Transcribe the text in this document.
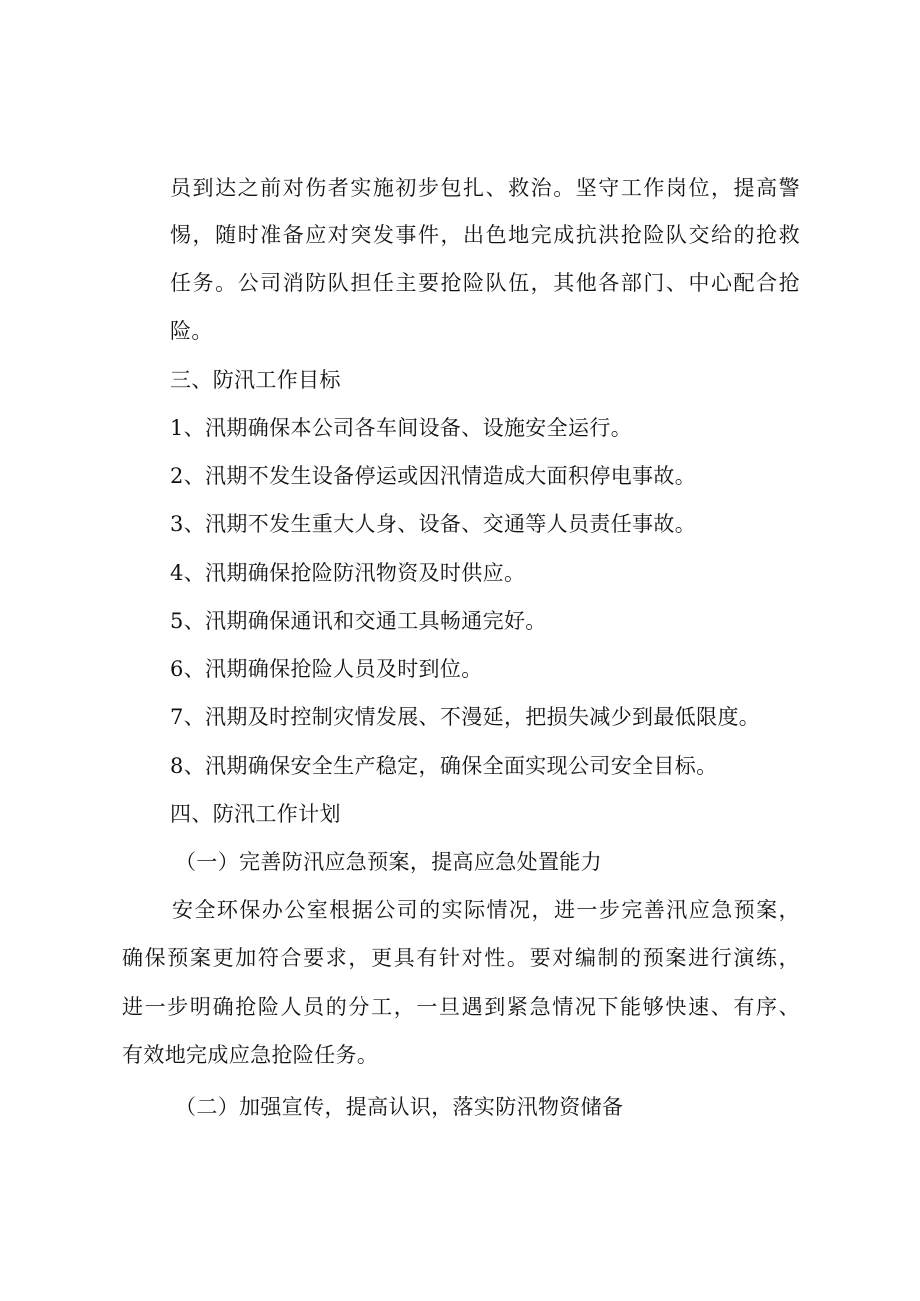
员到达之前对伤者实施初步包扎、救治。坚守工作岗位，提高警
惕，随时准备应对突发事件，出色地完成抗洪抢险队交给的抢救
任务。公司消防队担任主要抢险队伍，其他各部门、中心配合抢
险。
三、防汛工作目标
1、汛期确保本公司各车间设备、设施安全运行。
2、汛期不发生设备停运或因汛情造成大面积停电事故。
3、汛期不发生重大人身、设备、交通等人员责任事故。
4、汛期确保抢险防汛物资及时供应。
5、汛期确保通讯和交通工具畅通完好。
6、汛期确保抢险人员及时到位。
7、汛期及时控制灾情发展、不漫延，把损失减少到最低限度。
8、汛期确保安全生产稳定，确保全面实现公司安全目标。
四、防汛工作计划
（一）完善防汛应急预案，提高应急处置能力
安全环保办公室根据公司的实际情况，进一步完善汛应急预案，
确保预案更加符合要求，更具有针对性。要对编制的预案进行演练，
进一步明确抢险人员的分工，一旦遇到紧急情况下能够快速、有序、
有效地完成应急抢险任务。
（二）加强宣传，提高认识，落实防汛物资储备
